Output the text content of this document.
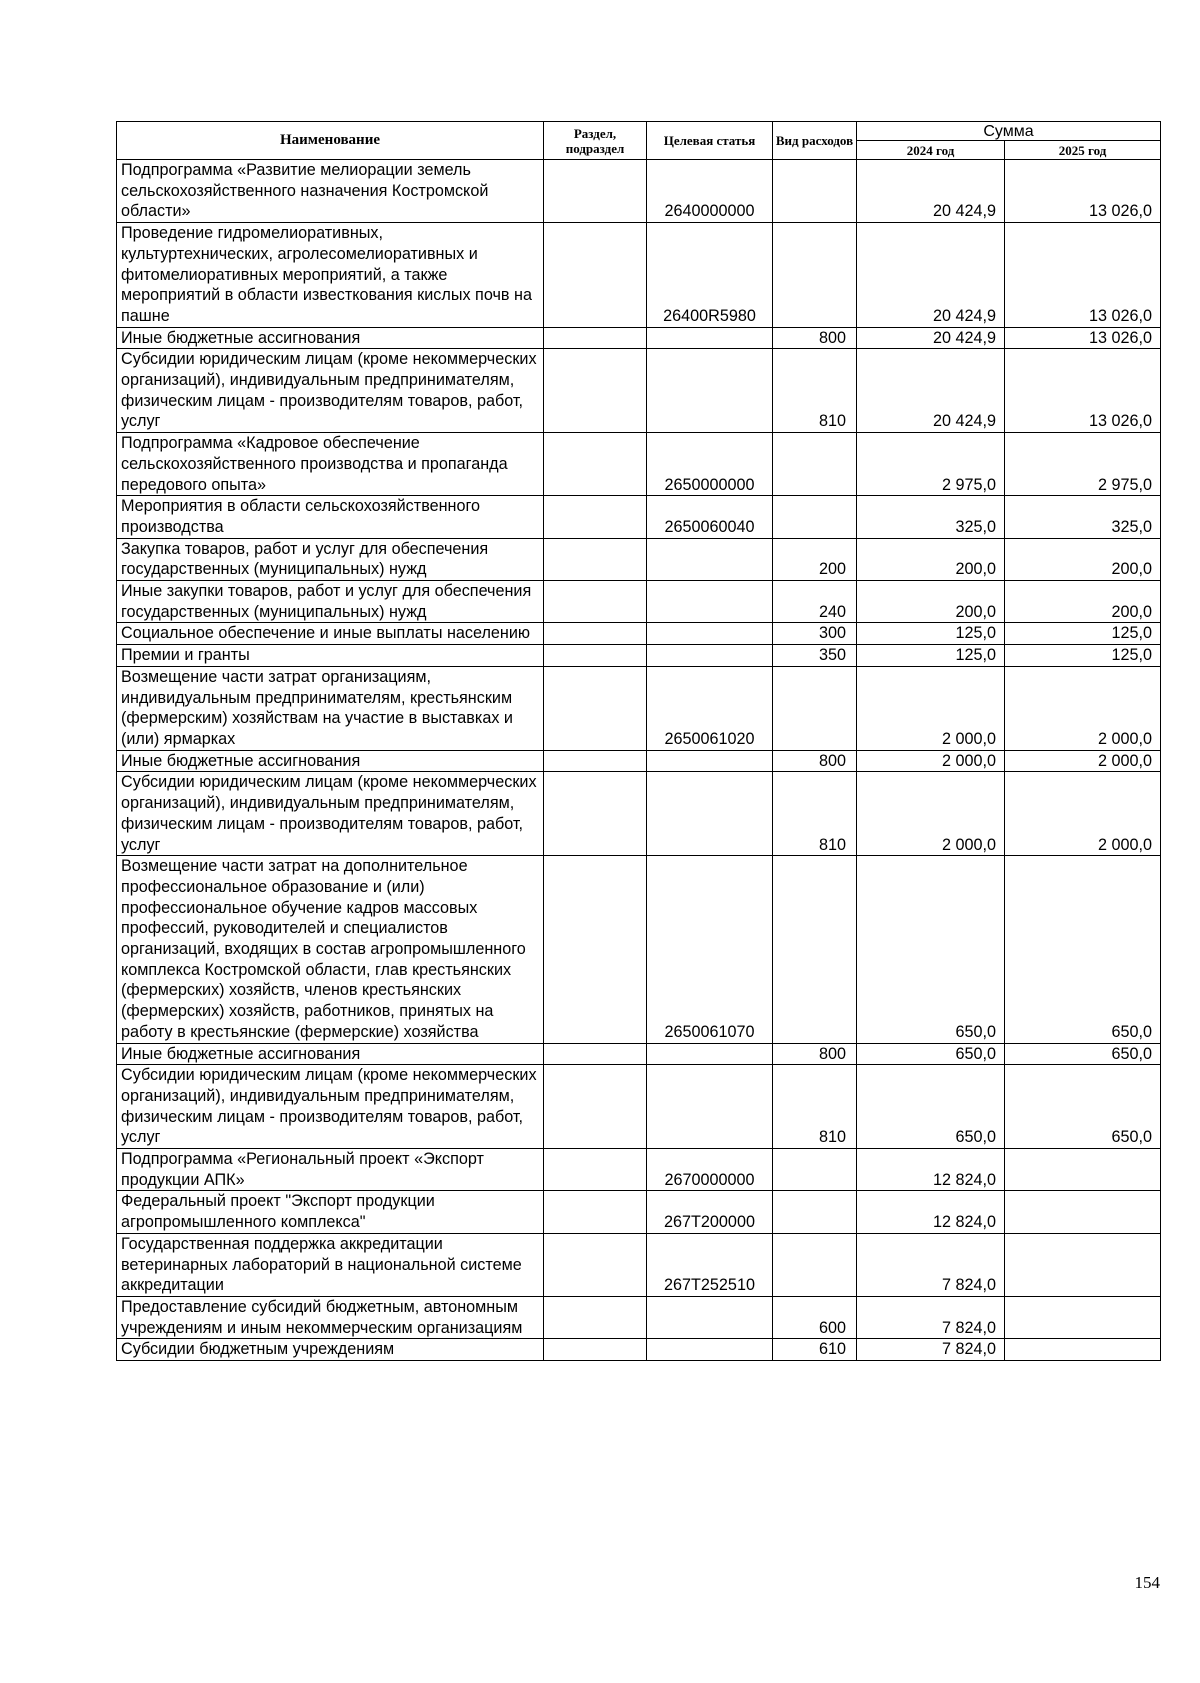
Наименование	Раздел, подраздел	Целевая статья	Вид расходов	Сумма	
				2024 год	2025 год
Подпрограмма «Развитие мелиорации земель сельскохозяйственного назначения Костромской области»		2640000000		20 424,9	13 026,0
Проведение гидромелиоративных, культуртехнических, агролесомелиоративных и фитомелиоративных мероприятий, а также мероприятий в области известкования кислых почв на пашне		26400R5980		20 424,9	13 026,0
Иные бюджетные ассигнования			800	20 424,9	13 026,0
Субсидии юридическим лицам (кроме некоммерческих организаций), индивидуальным предпринимателям, физическим лицам - производителям товаров, работ, услуг			810	20 424,9	13 026,0
Подпрограмма «Кадровое обеспечение сельскохозяйственного производства и пропаганда передового опыта»		2650000000		2 975,0	2 975,0
Мероприятия в области сельскохозяйственного производства		2650060040		325,0	325,0
Закупка товаров, работ и услуг для обеспечения государственных (муниципальных) нужд			200	200,0	200,0
Иные закупки товаров, работ и услуг для обеспечения государственных (муниципальных) нужд			240	200,0	200,0
Социальное обеспечение и иные выплаты населению			300	125,0	125,0
Премии и гранты			350	125,0	125,0
Возмещение части затрат организациям, индивидуальным предпринимателям, крестьянским (фермерским) хозяйствам на участие в выставках и (или) ярмарках		2650061020		2 000,0	2 000,0
Иные бюджетные ассигнования			800	2 000,0	2 000,0
Субсидии юридическим лицам (кроме некоммерческих организаций), индивидуальным предпринимателям, физическим лицам - производителям товаров, работ, услуг			810	2 000,0	2 000,0
Возмещение части затрат на дополнительное профессиональное образование и (или) профессиональное обучение кадров массовых профессий, руководителей и специалистов организаций, входящих в состав агропромышленного комплекса Костромской области, глав крестьянских (фермерских) хозяйств, членов крестьянских (фермерских) хозяйств, работников, принятых на работу в крестьянские (фермерские) хозяйства		2650061070		650,0	650,0
Иные бюджетные ассигнования			800	650,0	650,0
Субсидии юридическим лицам (кроме некоммерческих организаций), индивидуальным предпринимателям, физическим лицам - производителям товаров, работ, услуг			810	650,0	650,0
Подпрограмма «Региональный проект «Экспорт продукции АПК»		2670000000		12 824,0	
Федеральный проект "Экспорт продукции агропромышленного комплекса"		267T200000		12 824,0	
Государственная поддержка аккредитации ветеринарных лабораторий в национальной системе аккредитации		267T252510		7 824,0	
Предоставление субсидий бюджетным, автономным учреждениям и иным некоммерческим организациям			600	7 824,0	
Субсидии бюджетным учреждениям			610	7 824,0	
154
